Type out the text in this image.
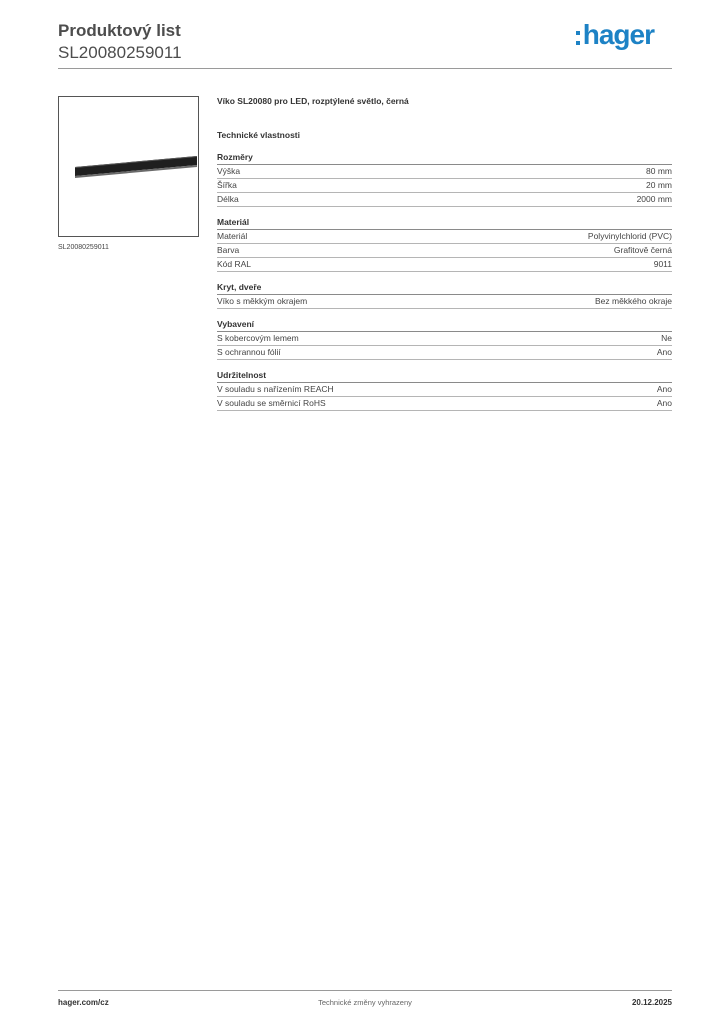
Produktový list
SL20080259011
hager
SL20080259011
Víko SL20080 pro LED, rozptýlené světlo, černá
Technické vlastnosti
Rozměry
Výška	80 mm
Šířka	20 mm
Délka	2000 mm
Materiál
Materiál	Polyvinylchlorid (PVC)
Barva	Grafitově černá
Kód RAL	9011
Kryt, dveře
Víko s měkkým okrajem	Bez měkkého okraje
Vybavení
S kobercovým lemem	Ne
S ochrannou fólií	Ano
Udržitelnost
V souladu s nařízením REACH	Ano
V souladu se směrnicí RoHS	Ano
hager.com/cz	Technické změny vyhrazeny	20.12.2025
